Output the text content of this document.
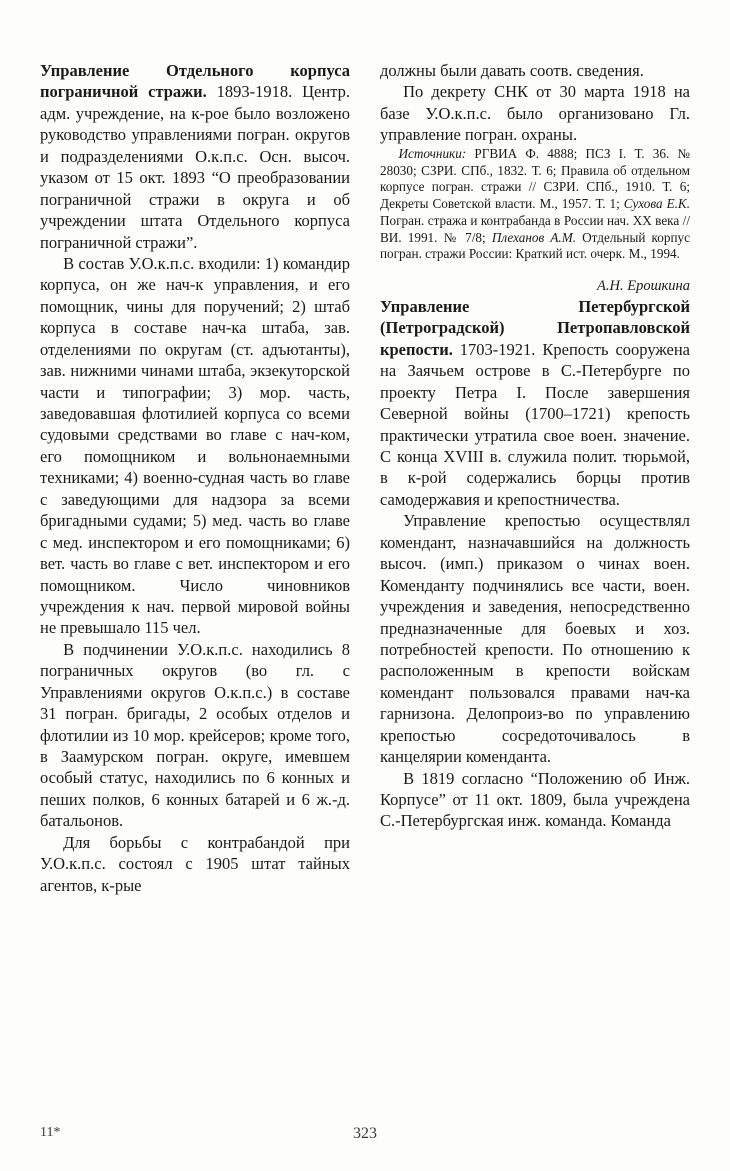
Управление Отдельного корпуса пограничной стражи. 1893-1918. Центр. адм. учреждение, на к-рое было возложено руководство управлениями погран. округов и подразделениями О.к.п.с. Осн. высоч. указом от 15 окт. 1893 “О преобразовании пограничной стражи в округа и об учреждении штата Отдельного корпуса пограничной стражи”.

В состав У.О.к.п.с. входили: 1) командир корпуса, он же нач-к управления, и его помощник, чины для поручений; 2) штаб корпуса в составе нач-ка штаба, зав. отделениями по округам (ст. адъютанты), зав. нижними чинами штаба, экзекуторской части и типографии; 3) мор. часть, заведовавшая флотилией корпуса со всеми судовыми средствами во главе с нач-ком, его помощником и вольнонаемными техниками; 4) военно-судная часть во главе с заведующими для надзора за всеми бригадными судами; 5) мед. часть во главе с мед. инспектором и его помощниками; 6) вет. часть во главе с вет. инспектором и его помощником. Число чиновников учреждения к нач. первой мировой войны не превышало 115 чел.

В подчинении У.О.к.п.с. находились 8 пограничных округов (во гл. с Управлениями округов О.к.п.с.) в составе 31 погран. бригады, 2 особых отделов и флотилии из 10 мор. крейсеров; кроме того, в Заамурском погран. округе, имевшем особый статус, находились по 6 конных и пеших полков, 6 конных батарей и 6 ж.-д. батальонов.

Для борьбы с контрабандой при У.О.к.п.с. состоял с 1905 штат тайных агентов, к-рые

должны были давать соотв. сведения.

По декрету СНК от 30 марта 1918 на базе У.О.к.п.с. было организовано Гл. управление погран. охраны.

Источники: РГВИА Ф. 4888; ПСЗ I. Т. 36. № 28030; СЗРИ. СПб., 1832. Т. 6; Правила об отдельном корпусе погран. стражи // СЗРИ. СПб., 1910. Т. 6; Декреты Советской власти. М., 1957. Т. 1; Сухова Е.К. Погран. стража и контрабанда в России нач. XX века // ВИ. 1991. № 7/8; Плеханов А.М. Отдельный корпус погран. стражи России: Краткий ист. очерк. М., 1994.

А.Н. Ерошкина

Управление Петербургской (Петроградской) Петропавловской крепости. 1703-1921. Крепость сооружена на Заячьем острове в С.-Петербурге по проекту Петра I. После завершения Северной войны (1700–1721) крепость практически утратила свое воен. значение. С конца XVIII в. служила полит. тюрьмой, в к-рой содержались борцы против самодержавия и крепостничества.

Управление крепостью осуществлял комендант, назначавшийся на должность высоч. (имп.) приказом о чинах воен. Коменданту подчинялись все части, воен. учреждения и заведения, непосредственно предназначенные для боевых и хоз. потребностей крепости. По отношению к расположенным в крепости войскам комендант пользовался правами нач-ка гарнизона. Делопроиз-во по управлению крепостью сосредоточивалось в канцелярии коменданта.

В 1819 согласно “Положению об Инж. Корпусе” от 11 окт. 1809, была учреждена С.-Петербургская инж. команда. Команда

11*	323
